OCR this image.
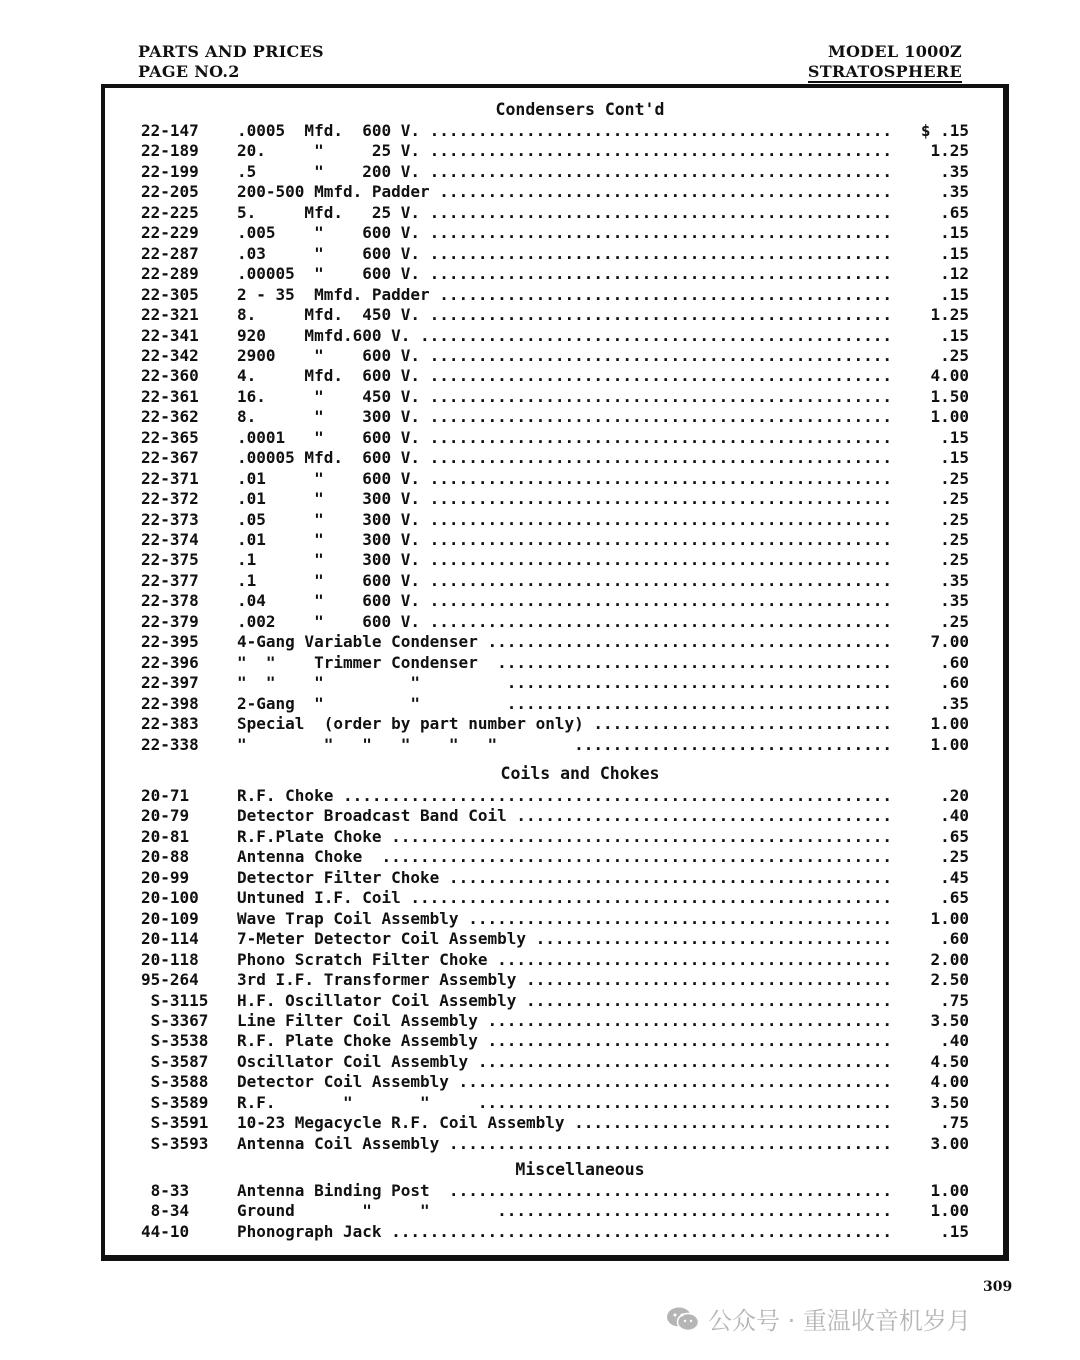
PARTS AND PRICES
PAGE NO.2
MODEL 1000Z
STRATOSPHERE
Condensers Cont'd
22-147	.0005  Mfd.  600 V. .....	$ .15
22-189	20.     "     25 V. .....	1.25
22-199	.5      "    200 V. .....	.35
22-205	200-500 Mmfd. Padder .....	.35
22-225	5.     Mfd.   25 V. .....	.65
22-229	.005    "    600 V. .....	.15
22-287	.03     "    600 V. .....	.15
22-289	.00005  "    600 V. .....	.12
22-305	2 - 35  Mmfd. Padder .....	.15
22-321	8.     Mfd.  450 V. .....	1.25
22-341	920    Mmfd.600 V. .....	.15
22-342	2900    "    600 V. .....	.25
22-360	4.     Mfd.  600 V. .....	4.00
22-361	16.     "    450 V. .....	1.50
22-362	8.      "    300 V. .....	1.00
22-365	.0001   "    600 V. .....	.15
22-367	.00005 Mfd.  600 V. .....	.15
22-371	.01     "    600 V. .....	.25
22-372	.01     "    300 V. .....	.25
22-373	.05     "    300 V. .....	.25
22-374	.01     "    300 V. .....	.25
22-375	.1      "    300 V. .....	.25
22-377	.1      "    600 V. .....	.35
22-378	.04     "    600 V. .....	.35
22-379	.002    "    600 V. .....	.25
22-395	4-Gang Variable Condenser .....	7.00
22-396	"  "    Trimmer Condenser  .....	.60
22-397	"  "    "         "         .....	.60
22-398	2-Gang  "         "         .....	.35
22-383	Special  (order by part number only) .....	1.00
22-338	"        "   "   "    "   "        .....	1.00
Coils and Chokes
20-71	R.F. Choke .....	.20
20-79	Detector Broadcast Band Coil .....	.40
20-81	R.F.Plate Choke .....	.65
20-88	Antenna Choke  .....	.25
20-99	Detector Filter Choke .....	.45
20-100	Untuned I.F. Coil .....	.65
20-109	Wave Trap Coil Assembly .....	1.00
20-114	7-Meter Detector Coil Assembly .....	.60
20-118	Phono Scratch Filter Choke .....	2.00
95-264	3rd I.F. Transformer Assembly .....	2.50
S-3115	H.F. Oscillator Coil Assembly .....	.75
S-3367	Line Filter Coil Assembly .....	3.50
S-3538	R.F. Plate Choke Assembly .....	.40
S-3587	Oscillator Coil Assembly .....	4.50
S-3588	Detector Coil Assembly .....	4.00
S-3589	R.F.       "       "     .....	3.50
S-3591	10-23 Megacycle R.F. Coil Assembly .....	.75
S-3593	Antenna Coil Assembly .....	3.00
Miscellaneous
8-33	Antenna Binding Post  .....	1.00
8-34	Ground       "     "       .....	1.00
44-10	Phonograph Jack .....	.15
309
公众号 · 重温收音机岁月
